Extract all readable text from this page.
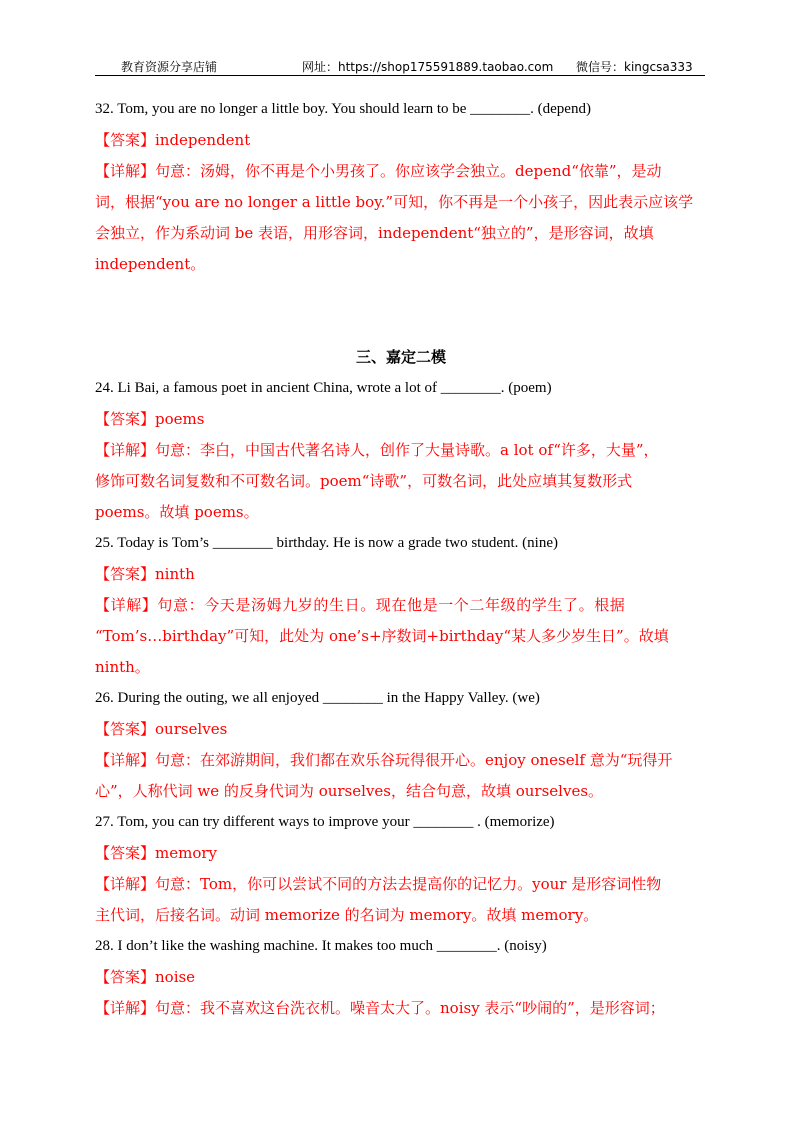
教育资源分享店铺	网址：https://shop175591889.taobao.com 微信号：kingcsa333
32. Tom, you are no longer a little boy. You should learn to be ________. (depend)
【答案】independent
【详解】句意：汤姆，你不再是个小男孩了。你应该学会独立。depend“依靠”，是动
词，根据“you are no longer a little boy.”可知，你不再是一个小孩子，因此表示应该学
会独立，作为系动词 be 表语，用形容词，independent“独立的”，是形容词，故填
independent。
三、嘉定二模
24. Li Bai, a famous poet in ancient China, wrote a lot of ________. (poem)
【答案】poems
【详解】句意：李白，中国古代著名诗人，创作了大量诗歌。a lot of“许多，大量”，
修饰可数名词复数和不可数名词。poem“诗歌”，可数名词，此处应填其复数形式
poems。故填 poems。
25. Today is Tom’s ________ birthday. He is now a grade two student. (nine)
【答案】ninth
【详解】句意：今天是汤姆九岁的生日。现在他是一个二年级的学生了。根据
“Tom’s…birthday”可知，此处为 one’s+序数词+birthday“某人多少岁生日”。故填
ninth。
26. During the outing, we all enjoyed ________ in the Happy Valley. (we)
【答案】ourselves
【详解】句意：在郊游期间，我们都在欢乐谷玩得很开心。enjoy oneself 意为“玩得开
心”，人称代词 we 的反身代词为 ourselves，结合句意，故填 ourselves。
27. Tom, you can try different ways to improve your ________ . (memorize)
【答案】memory
【详解】句意：Tom，你可以尝试不同的方法去提高你的记忆力。your 是形容词性物
主代词，后接名词。动词 memorize 的名词为 memory。故填 memory。
28. I don’t like the washing machine. It makes too much ________. (noisy)
【答案】noise
【详解】句意：我不喜欢这台洗衣机。噪音太大了。noisy 表示“吵闹的”，是形容词；
